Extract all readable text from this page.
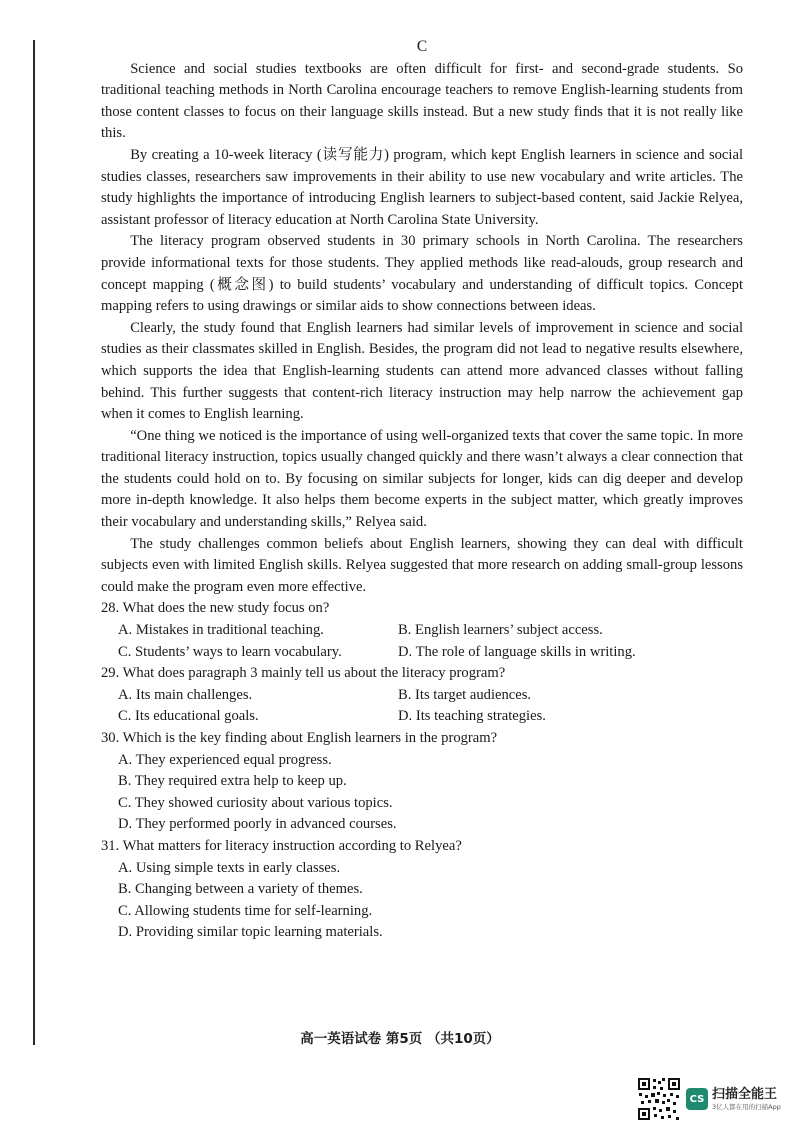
C

Science and social studies textbooks are often difficult for first- and second-grade students. So traditional teaching methods in North Carolina encourage teachers to remove English-learning students from those content classes to focus on their language skills instead. But a new study finds that it is not really like this.

By creating a 10-week literacy (读写能力) program, which kept English learners in science and social studies classes, researchers saw improvements in their ability to use new vocabulary and write articles. The study highlights the importance of introducing English learners to subject-based content, said Jackie Relyea, assistant professor of literacy education at North Carolina State University.

The literacy program observed students in 30 primary schools in North Carolina. The researchers provide informational texts for those students. They applied methods like read-alouds, group research and concept mapping (概念图) to build students’ vocabulary and understanding of difficult topics. Concept mapping refers to using drawings or similar aids to show connections between ideas.

Clearly, the study found that English learners had similar levels of improvement in science and social studies as their classmates skilled in English. Besides, the program did not lead to negative results elsewhere, which supports the idea that English-learning students can attend more advanced classes without falling behind. This further suggests that content-rich literacy instruction may help narrow the achievement gap when it comes to English learning.

“One thing we noticed is the importance of using well-organized texts that cover the same topic. In more traditional literacy instruction, topics usually changed quickly and there wasn’t always a clear connection that the students could hold on to. By focusing on similar subjects for longer, kids can dig deeper and develop more in-depth knowledge. It also helps them become experts in the subject matter, which greatly improves their vocabulary and understanding skills,” Relyea said.

The study challenges common beliefs about English learners, showing they can deal with difficult subjects even with limited English skills. Relyea suggested that more research on adding small-group lessons could make the program even more effective.

28. What does the new study focus on?

A. Mistakes in traditional teaching.	B. English learners’ subject access.
C. Students’ ways to learn vocabulary.	D. The role of language skills in writing.

29. What does paragraph 3 mainly tell us about the literacy program?

A. Its main challenges.	B. Its target audiences.
C. Its educational goals.	D. Its teaching strategies.

30. Which is the key finding about English learners in the program?

A. They experienced equal progress.

B. They required extra help to keep up.

C. They showed curiosity about various topics.

D. They performed poorly in advanced courses.

31. What matters for literacy instruction according to Relyea?

A. Using simple texts in early classes.

B. Changing between a variety of themes.

C. Allowing students time for self-learning.

D. Providing similar topic learning materials.

高一英语试卷 第5页 （共10页）
CS 扫描全能王
3亿人都在用的扫描App
